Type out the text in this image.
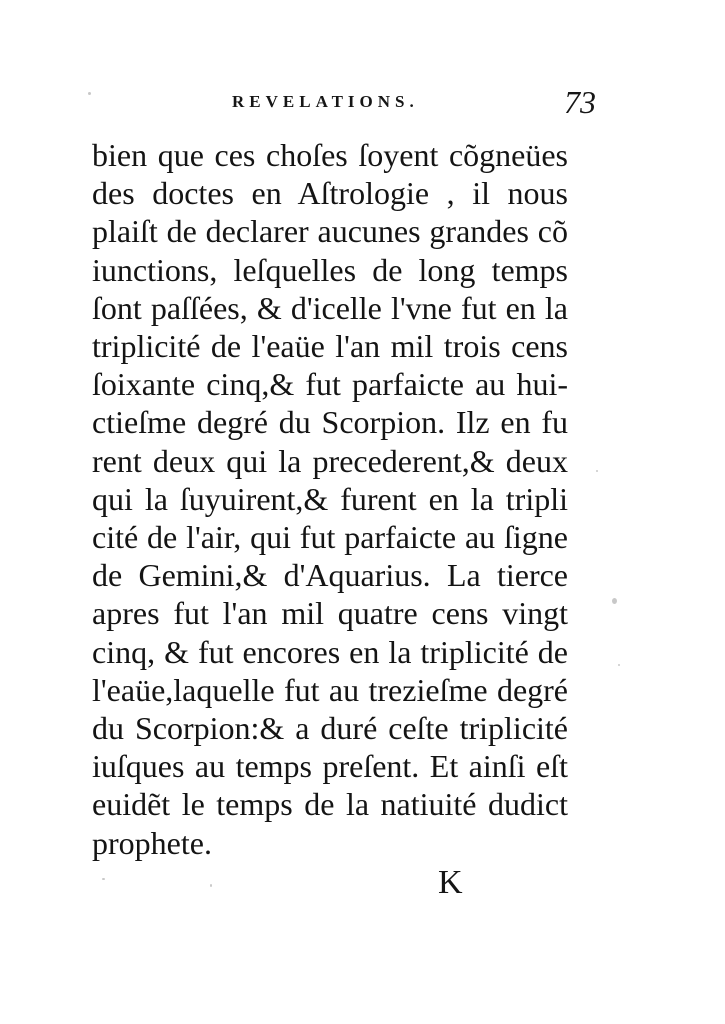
REVELATIONS.	73
bien que ces choſes ſoyent cõgneües
des doctes en Aſtrologie , il nous
plaiſt de declarer aucunes grandes cõ
iunctions, leſquelles de long temps
ſont paſſées, & d'icelle l'vne fut en la
triplicité de l'eaüe l'an mil trois cens
ſoixante cinq,& fut parfaicte au hui-
ctieſme degré du Scorpion. Ilz en fu
rent deux qui la precederent,& deux
qui la ſuyuirent,& furent en la tripli
cité de l'air, qui fut parfaicte au ſigne
de Gemini,& d'Aquarius. La tierce
apres fut l'an mil quatre cens vingt
cinq, & fut encores en la triplicité de
l'eaüe,laquelle fut au trezieſme degré
du Scorpion:& a duré ceſte triplicité
iuſques au temps preſent. Et ainſi eſt
euidẽt le temps de la natiuité dudict
prophete.
K
